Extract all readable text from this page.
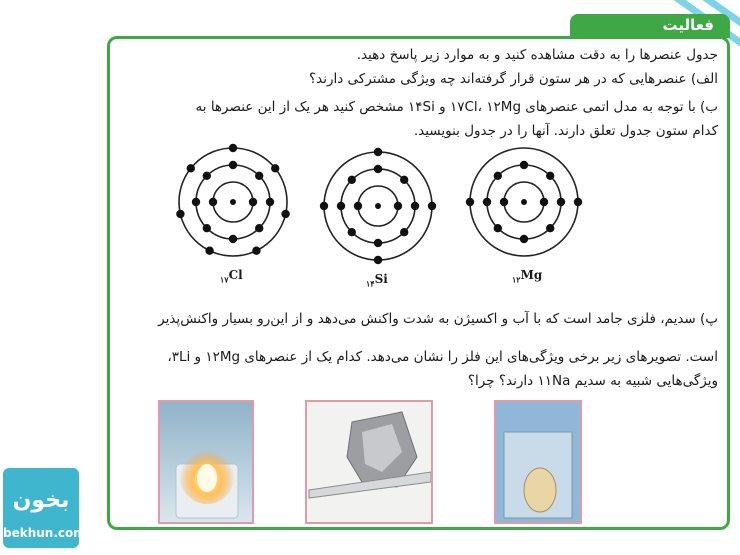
فعالیت
جدول عنصرها را به دقت مشاهده کنید و به موارد زیر پاسخ دهید.
الف) عنصرهایی که در هر ستون قرار گرفته‌اند چه ویژگی مشترکی دارند؟
ب) با توجه به مدل اتمی عنصرهای ۱۷Cl، ۱۲Mg و ۱۴Si مشخص کنید هر یک از این عنصرها به
کدام ستون جدول تعلق دارند. آنها را در جدول بنویسید.
$_{۱۷}$Cl
$_{۱۴}$Si	$_{۱۲}$Mg
پ) سدیم، فلزی جامد است که با آب و اکسیژن به شدت واکنش می‌دهد و از این‌رو بسیار واکنش‌پذیر
است. تصویرهای زیر برخی ویژگی‌های این فلز را نشان می‌دهد. کدام یک از عنصرهای ۱۲Mg و ۳Li،
ویژگی‌هایی شبیه به سدیم ۱۱Na دارند؟ چرا؟
بخون
bekhun.com
